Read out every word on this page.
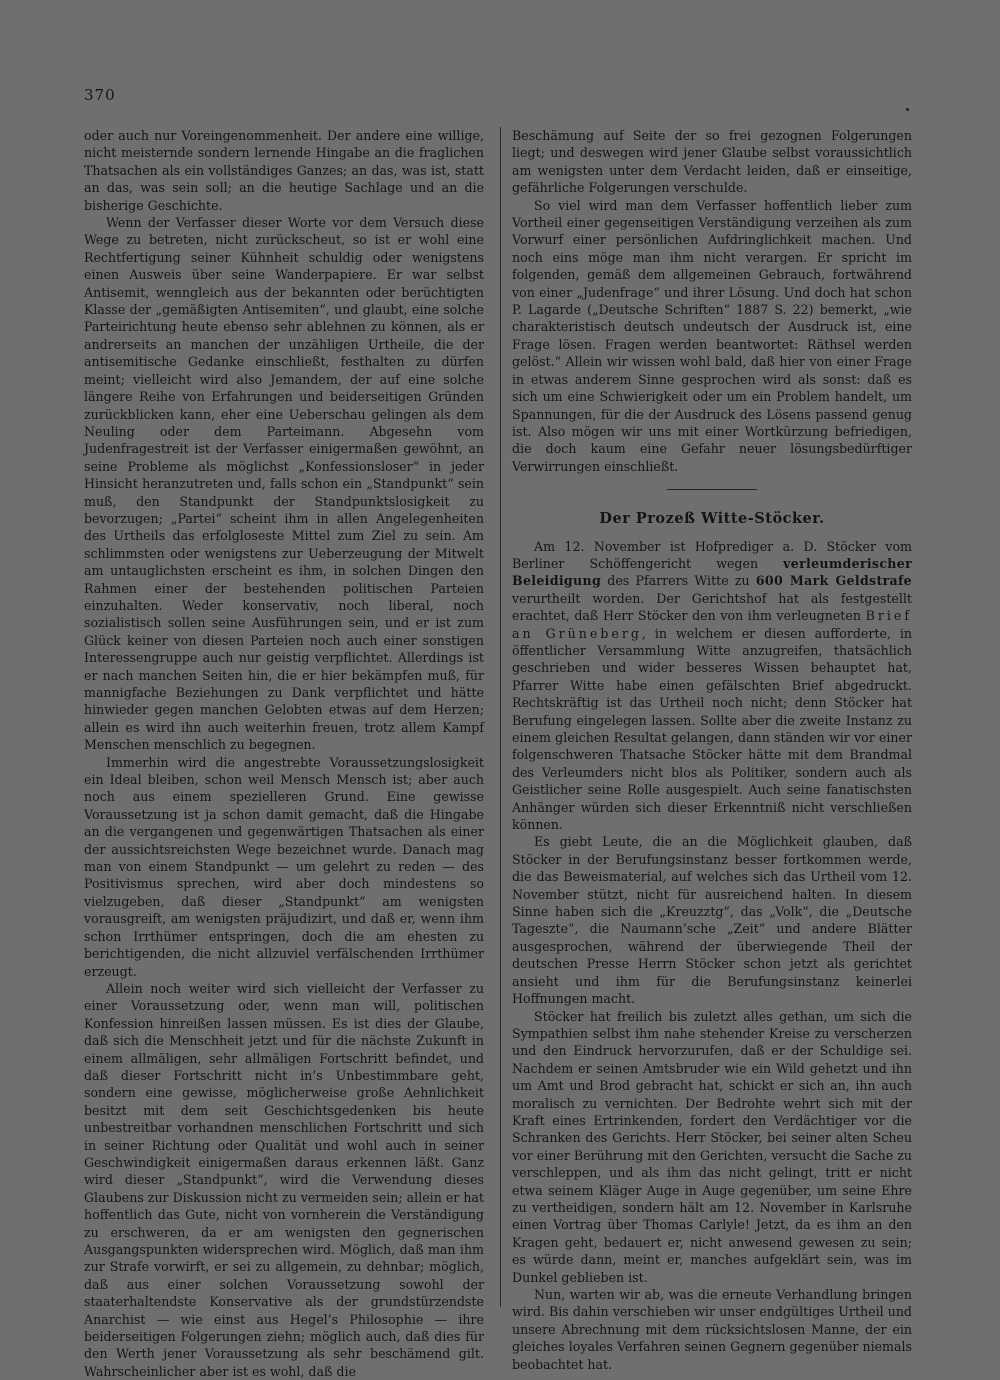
370

oder auch nur Voreingenommenheit. Der andere eine willige, nicht meisternde sondern lernende Hingabe an die fraglichen Thatsachen als ein vollständiges Ganzes; an das, was ist, statt an das, was sein soll; an die heutige Sachlage und an die bisherige Geschichte.

Wenn der Verfasser dieser Worte vor dem Versuch diese Wege zu betreten, nicht zurückscheut, so ist er wohl eine Rechtfertigung seiner Kühnheit schuldig oder wenigstens einen Ausweis über seine Wanderpapiere. Er war selbst Antisemit, wenngleich aus der bekannten oder berüchtigten Klasse der „gemäßigten Antisemiten“, und glaubt, eine solche Parteirichtung heute ebenso sehr ablehnen zu können, als er andrerseits an manchen der unzähligen Urtheile, die der antisemitische Gedanke einschließt, festhalten zu dürfen meint; vielleicht wird also Jemandem, der auf eine solche längere Reihe von Erfahrungen und beiderseitigen Gründen zurückblicken kann, eher eine Ueberschau gelingen als dem Neuling oder dem Parteimann. Abgesehn vom Judenfragestreit ist der Verfasser einigermaßen gewöhnt, an seine Probleme als möglichst „Konfessionsloser“ in jeder Hinsicht heranzutreten und, falls schon ein „Standpunkt“ sein muß, den Standpunkt der Standpunktslosigkeit zu bevorzugen; „Partei“ scheint ihm in allen Angelegenheiten des Urtheils das erfolgloseste Mittel zum Ziel zu sein. Am schlimmsten oder wenigstens zur Ueberzeugung der Mitwelt am untauglichsten erscheint es ihm, in solchen Dingen den Rahmen einer der bestehenden politischen Parteien einzuhalten. Weder konservativ, noch liberal, noch sozialistisch sollen seine Ausführungen sein, und er ist zum Glück keiner von diesen Parteien noch auch einer sonstigen Interessengruppe auch nur geistig verpflichtet. Allerdings ist er nach manchen Seiten hin, die er hier bekämpfen muß, für mannigfache Beziehungen zu Dank verpflichtet und hätte hinwieder gegen manchen Gelobten etwas auf dem Herzen; allein es wird ihn auch weiterhin freuen, trotz allem Kampf Menschen menschlich zu begegnen.

Immerhin wird die angestrebte Voraussetzungslosigkeit ein Ideal bleiben, schon weil Mensch Mensch ist; aber auch noch aus einem spezielleren Grund. Eine gewisse Voraussetzung ist ja schon damit gemacht, daß die Hingabe an die vergangenen und gegenwärtigen Thatsachen als einer der aussichtsreichsten Wege bezeichnet wurde. Danach mag man von einem Standpunkt — um gelehrt zu reden — des Positivismus sprechen, wird aber doch mindestens so vielzugeben, daß dieser „Standpunkt“ am wenigsten vorausgreift, am wenigsten präjudizirt, und daß er, wenn ihm schon Irrthümer entspringen, doch die am ehesten zu berichtigenden, die nicht allzuviel verfälschenden Irrthümer erzeugt.

Allein noch weiter wird sich vielleicht der Verfasser zu einer Voraussetzung oder, wenn man will, politischen Konfession hinreißen lassen müssen. Es ist dies der Glaube, daß sich die Menschheit jetzt und für die nächste Zukunft in einem allmäligen, sehr allmäligen Fortschritt befindet, und daß dieser Fortschritt nicht in’s Unbestimmbare geht, sondern eine gewisse, möglicherweise große Aehnlichkeit besitzt mit dem seit Geschichtsgedenken bis heute unbestreitbar vorhandnen menschlichen Fortschritt und sich in seiner Richtung oder Qualität und wohl auch in seiner Geschwindigkeit einigermaßen daraus erkennen läßt. Ganz wird dieser „Standpunkt“, wird die Verwendung dieses Glaubens zur Diskussion nicht zu vermeiden sein; allein er hat hoffentlich das Gute, nicht von vornherein die Verständigung zu erschweren, da er am wenigsten den gegnerischen Ausgangspunkten widersprechen wird. Möglich, daß man ihm zur Strafe vorwirft, er sei zu allgemein, zu dehnbar; möglich, daß aus einer solchen Voraussetzung sowohl der staaterhaltendste Konservative als der grundstürzendste Anarchist — wie einst aus Hegel’s Philosophie — ihre beiderseitigen Folgerungen ziehn; möglich auch, daß dies für den Werth jener Voraussetzung als sehr beschämend gilt. Wahrscheinlicher aber ist es wohl, daß die

Beschämung auf Seite der so frei gezognen Folgerungen liegt; und deswegen wird jener Glaube selbst voraussichtlich am wenigsten unter dem Verdacht leiden, daß er einseitige, gefährliche Folgerungen verschulde.

So viel wird man dem Verfasser hoffentlich lieber zum Vortheil einer gegenseitigen Verständigung verzeihen als zum Vorwurf einer persönlichen Aufdringlichkeit machen. Und noch eins möge man ihm nicht verargen. Er spricht im folgenden, gemäß dem allgemeinen Gebrauch, fortwährend von einer „Judenfrage“ und ihrer Lösung. Und doch hat schon P. Lagarde („Deutsche Schriften“ 1887 S. 22) bemerkt, „wie charakteristisch deutsch undeutsch der Ausdruck ist, eine Frage lösen. Fragen werden beantwortet: Räthsel werden gelöst.“ Allein wir wissen wohl bald, daß hier von einer Frage in etwas anderem Sinne gesprochen wird als sonst: daß es sich um eine Schwierigkeit oder um ein Problem handelt, um Spannungen, für die der Ausdruck des Lösens passend genug ist. Also mögen wir uns mit einer Wortkürzung befriedigen, die doch kaum eine Gefahr neuer lösungsbedürftiger Verwirrungen einschließt.

Der Prozeß Witte-Stöcker.

Am 12. November ist Hofprediger a. D. Stöcker vom Berliner Schöffengericht wegen verleumderischer Beleidigung des Pfarrers Witte zu 600 Mark Geldstrafe verurtheilt worden. Der Gerichtshof hat als festgestellt erachtet, daß Herr Stöcker den von ihm verleugneten Brief an Grüneberg, in welchem er diesen aufforderte, in öffentlicher Versammlung Witte anzugreifen, thatsächlich geschrieben und wider besseres Wissen behauptet hat, Pfarrer Witte habe einen gefälschten Brief abgedruckt. Rechtskräftig ist das Urtheil noch nicht; denn Stöcker hat Berufung eingelegen lassen. Sollte aber die zweite Instanz zu einem gleichen Resultat gelangen, dann ständen wir vor einer folgenschweren Thatsache Stöcker hätte mit dem Brandmal des Verleumders nicht blos als Politiker, sondern auch als Geistlicher seine Rolle ausgespielt. Auch seine fanatischsten Anhänger würden sich dieser Erkenntniß nicht verschließen können.

Es giebt Leute, die an die Möglichkeit glauben, daß Stöcker in der Berufungsinstanz besser fortkommen werde, die das Beweismaterial, auf welches sich das Urtheil vom 12. November stützt, nicht für ausreichend halten. In diesem Sinne haben sich die „Kreuzztg“, das „Volk“, die „Deutsche Tageszte“, die Naumann’sche „Zeit“ und andere Blätter ausgesprochen, während der überwiegende Theil der deutschen Presse Herrn Stöcker schon jetzt als gerichtet ansieht und ihm für die Berufungsinstanz keinerlei Hoffnungen macht.

Stöcker hat freilich bis zuletzt alles gethan, um sich die Sympathien selbst ihm nahe stehender Kreise zu verscherzen und den Eindruck hervorzurufen, daß er der Schuldige sei. Nachdem er seinen Amtsbruder wie ein Wild gehetzt und ihn um Amt und Brod gebracht hat, schickt er sich an, ihn auch moralisch zu vernichten. Der Bedrohte wehrt sich mit der Kraft eines Ertrinkenden, fordert den Verdächtiger vor die Schranken des Gerichts. Herr Stöcker, bei seiner alten Scheu vor einer Berührung mit den Gerichten, versucht die Sache zu verschleppen, und als ihm das nicht gelingt, tritt er nicht etwa seinem Kläger Auge in Auge gegenüber, um seine Ehre zu vertheidigen, sondern hält am 12. November in Karlsruhe einen Vortrag über Thomas Carlyle! Jetzt, da es ihm an den Kragen geht, bedauert er, nicht anwesend gewesen zu sein; es würde dann, meint er, manches aufgeklärt sein, was im Dunkel geblieben ist.

Nun, warten wir ab, was die erneute Verhandlung bringen wird. Bis dahin verschieben wir unser endgültiges Urtheil und unsere Abrechnung mit dem rücksichtslosen Manne, der ein gleiches loyales Verfahren seinen Gegnern gegenüber niemals beobachtet hat.
